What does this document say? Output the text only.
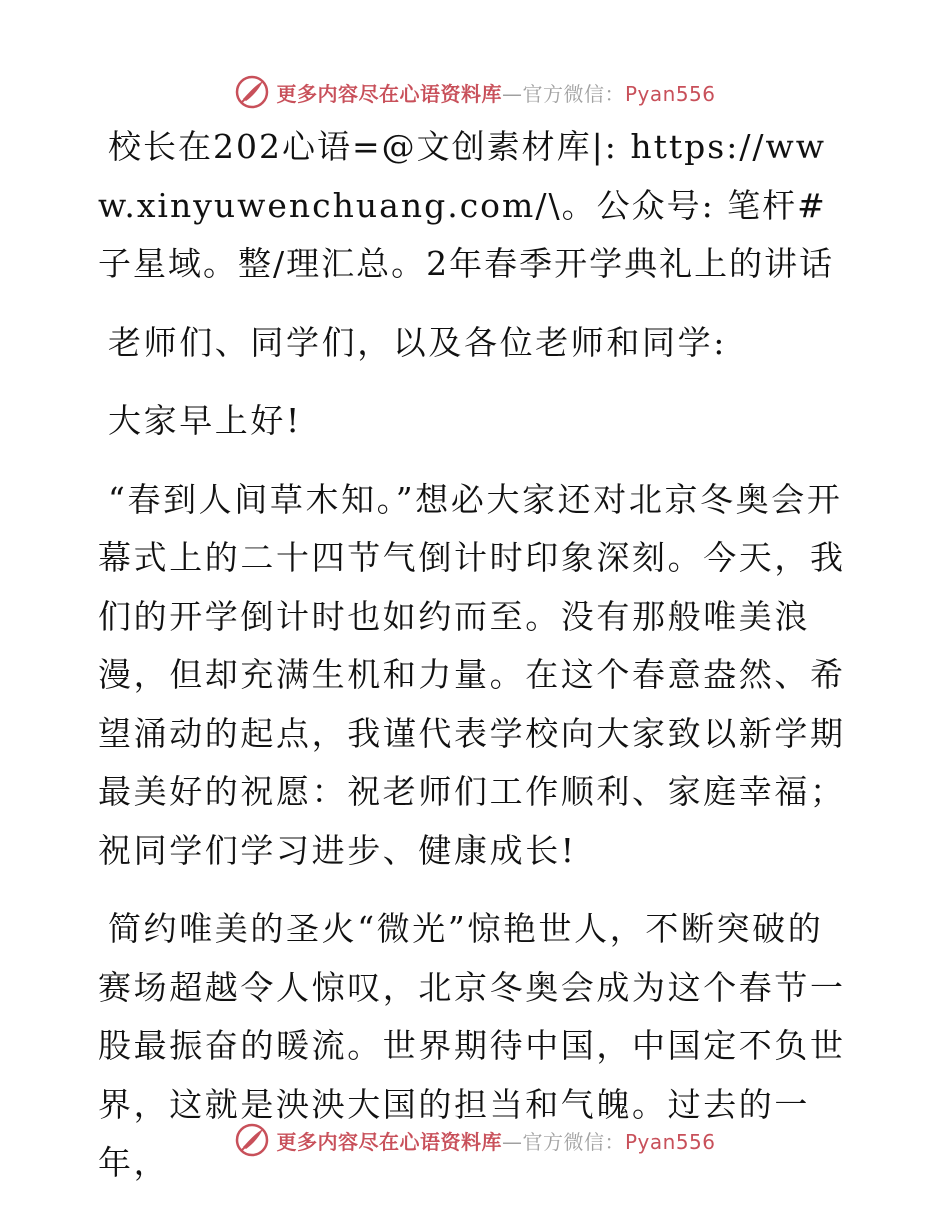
更多内容尽在心语资料库—官方微信：Pyan556

校长在202心语=@文创素材库|: https://www.xinyuwenchuang.com/\。公众号: 笔杆#子星域。整/理汇总。2年春季开学典礼上的讲话

老师们、同学们，以及各位老师和同学:

大家早上好!

“春到人间草木知。”想必大家还对北京冬奥会开幕式上的二十四节气倒计时印象深刻。今天，我们的开学倒计时也如约而至。没有那般唯美浪漫，但却充满生机和力量。在这个春意盎然、希望涌动的起点，我谨代表学校向大家致以新学期最美好的祝愿：祝老师们工作顺利、家庭幸福；祝同学们学习进步、健康成长!

简约唯美的圣火“微光”惊艳世人，不断突破的赛场超越令人惊叹，北京冬奥会成为这个春节一股最振奋的暖流。世界期待中国，中国定不负世界，这就是泱泱大国的担当和气魄。过去的一年，

更多内容尽在心语资料库—官方微信：Pyan556
